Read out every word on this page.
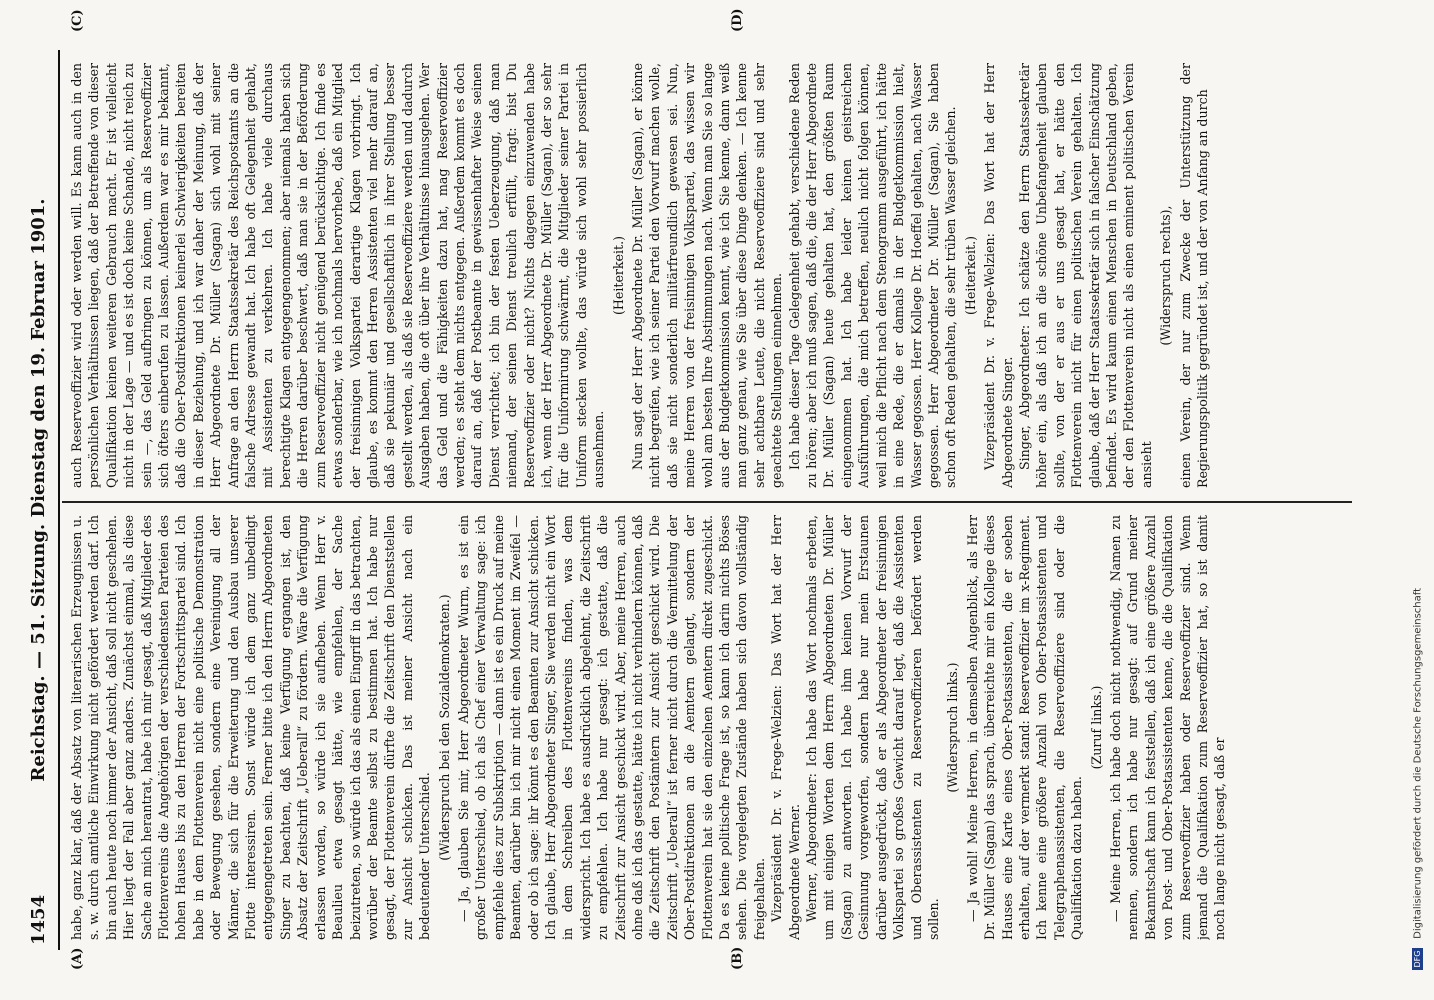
1454
Reichstag. — 51. Sitzung. Dienstag den 19. Februar 1901.
(A)	(B)
(C)	(D)

habe, ganz klar, daß der Absatz von literarischen Erzeugnissen u. s. w. durch amtliche Einwirkung nicht gefördert werden darf. Ich bin auch heute noch immer der Ansicht, daß soll nicht geschehen. Hier liegt der Fall aber ganz anders. Zunächst einmal, als diese Sache an mich herantrat, habe ich mir gesagt, daß Mitglieder des Flottenvereins die Angehörigen der verschiedensten Parteien des hohen Hauses bis zu den Herren der Fortschrittspartei sind. Ich habe in dem Flottenverein nicht eine politische Demonstration oder Bewegung gesehen, sondern eine Vereinigung all der Männer, die sich für die Erweiterung und den Ausbau unserer Flotte interessiren. Sonst würde ich dem ganz unbedingt entgegengetreten sein. Ferner bitte ich den Herrn Abgeordneten Singer zu beachten, daß keine Verfügung ergangen ist, den Absatz der Zeitschrift „Ueberall“ zu fördern. Wäre die Verfügung erlassen worden, so würde ich sie aufheben. Wenn Herr v. Beaulieu etwa gesagt hätte, wie empfehlen, der Sache beizutreten, so würde ich das als einen Eingriff in das betrachten, worüber der Beamte selbst zu bestimmen hat. Ich habe nur gesagt, der Flottenverein dürfte die Zeitschrift den Dienststellen zur Ansicht schicken. Das ist meiner Ansicht nach ein bedeutender Unterschied. (Widerspruch bei den Sozialdemokraten.) — Ja, glauben Sie mir, Herr Abgeordneter Wurm, es ist ein großer Unterschied, ob ich als Chef einer Verwaltung sage: ich empfehle dies zur Subskription — dann ist es ein Druck auf meine Beamten, darüber bin ich mir nicht einen Moment im Zweifel — oder ob ich sage: ihr könnt es den Beamten zur Ansicht schicken. Ich glaube, Herr Abgeordneter Singer, Sie werden nicht ein Wort in dem Schreiben des Flottenvereins finden, was dem widerspricht. Ich habe es ausdrücklich abgelehnt, die Zeitschrift zu empfehlen. Ich habe nur gesagt: ich gestatte, daß die Zeitschrift zur Ansicht geschickt wird. Aber, meine Herren, auch ohne daß ich das gestatte, hätte ich nicht verhindern können, daß die Zeitschrift den Postämtern zur Ansicht geschickt wird. Die Zeitschrift „Ueberall“ ist ferner nicht durch die Vermittelung der Ober-Postdirektionen an die Aemtern gelangt, sondern der Flottenverein hat sie den einzelnen Aemtern direkt zugeschickt. Da es keine politische Frage ist, so kann ich darin nichts Böses sehen. Die vorgelegten Zustände haben sich davon vollständig freigehalten. Vizepräsident Dr. v. Frege-Welzien: Das Wort hat der Herr Abgeordnete Werner. Werner, Abgeordneter: Ich habe das Wort nochmals erbeten, um mit einigen Worten dem Herrn Abgeordneten Dr. Müller (Sagan) zu antworten. Ich habe ihm keinen Vorwurf der Gesinnung vorgeworfen, sondern habe nur mein Erstaunen darüber ausgedrückt, daß er als Abgeordneter der freisinnigen Volkspartei so großes Gewicht darauf legt, daß die Assistenten und Oberassistenten zu Reserveoffizieren befördert werden sollen.

(Widerspruch links.) — Ja wohl! Meine Herren, in demselben Augenblick, als Herr Dr. Müller (Sagan) das sprach, überreichte mir ein Kollege dieses Hauses eine Karte eines Ober-Postassistenten, die er soeben erhalten, auf der vermerkt stand: Reserveoffizier im x-Regiment. Ich kenne eine größere Anzahl von Ober-Postassistenten und Telegraphenassistenten, die Reserveoffiziere sind oder die Qualifikation dazu haben.

(Zuruf links.) — Meine Herren, ich habe doch nicht nothwendig, Namen zu nennen, sondern ich habe nur gesagt: auf Grund meiner Bekanntschaft kann ich feststellen, daß ich eine größere Anzahl von Post- und Ober-Postassistenten kenne, die die Qualifikation zum Reserveoffizier haben oder Reserveoffizier sind. Wenn jemand die Qualifikation zum Reserveoffizier hat, so ist damit noch lange nicht gesagt, daß er

auch Reserveoffizier wird oder werden will. Es kann auch in den persönlichen Verhältnissen liegen, daß der Betreffende von dieser Qualifikation keinen weiteren Gebrauch macht. Er ist vielleicht nicht in der Lage — und es ist doch keine Schande, nicht reich zu sein —, das Geld aufbringen zu können, um als Reserveoffizier sich öfters einberufen zu lassen. Außerdem war es mir bekannt, daß die Ober-Postdirektionen keinerlei Schwierigkeiten bereiten in dieser Beziehung, und ich war daher der Meinung, daß der Herr Abgeordnete Dr. Müller (Sagan) sich wohl mit seiner Anfrage an den Herrn Staatssekretär des Reichspostamts an die falsche Adresse gewandt hat. Ich habe oft Gelegenheit gehabt, mit Assistenten zu verkehren. Ich habe viele durchaus berechtigte Klagen entgegengenommen; aber niemals haben sich die Herren darüber beschwert, daß man sie in der Beförderung zum Reserveoffizier nicht genügend berücksichtige. Ich finde es etwas sonderbar, wie ich nochmals hervorhebe, daß ein Mitglied der freisinnigen Volkspartei derartige Klagen vorbringt. Ich glaube, es kommt den Herren Assistenten viel mehr darauf an, daß sie pekuniär und gesellschaftlich in ihrer Stellung besser gestellt werden, als daß sie Reserveoffiziere werden und dadurch Ausgaben haben, die oft über ihre Verhältnisse hinausgehen. Wer das Geld und die Fähigkeiten dazu hat, mag Reserveoffizier werden; es steht dem nichts entgegen. Außerdem kommt es doch darauf an, daß der Postbeamte in gewissenhafter Weise seinen Dienst verrichtet; ich bin der festen Ueberzeugung, daß man niemand, der seinen Dienst treulich erfüllt, fragt: bist Du Reserveoffizier oder nicht? Nichts dagegen einzuwenden habe ich, wenn der Herr Abgeordnete Dr. Müller (Sagan), der so sehr für die Uniformirung schwärmt, die Mitglieder seiner Partei in Uniform stecken wollte, das würde sich wohl sehr possierlich ausnehmen.

(Heiterkeit.) Nun sagt der Herr Abgeordnete Dr. Müller (Sagan), er könne nicht begreifen, wie ich seiner Partei den Vorwurf machen wolle, daß sie nicht sonderlich militärfreundlich gewesen sei. Nun, meine Herren von der freisinnigen Volkspartei, das wissen wir wohl am besten Ihre Abstimmungen nach. Wenn man Sie so lange aus der Budgetkommission kennt, wie ich Sie kenne, dann weiß man ganz genau, wie Sie über diese Dinge denken. — Ich kenne sehr achtbare Leute, die nicht Reserveoffiziere sind und sehr geachtete Stellungen einnehmen. Ich habe dieser Tage Gelegenheit gehabt, verschiedene Reden zu hören; aber ich muß sagen, daß die, die der Herr Abgeordnete Dr. Müller (Sagan) heute gehalten hat, den größten Raum eingenommen hat. Ich habe leider keinen geistreichen Ausführungen, die mich betreffen, neulich nicht folgen können, weil mich die Pflicht nach dem Stenogramm ausgeführt, ich hätte in eine Rede, die er damals in der Budgetkommission hielt, Wasser gegossen. Herr Kollege Dr. Hoeffel gehalten, nach Wasser gegossen. Herr Abgeordneter Dr. Müller (Sagan), Sie haben schon oft Reden gehalten, die sehr trüben Wasser gleichen. (Heiterkeit.) Vizepräsident Dr. v. Frege-Welzien: Das Wort hat der Herr Abgeordnete Singer. Singer, Abgeordneter: Ich schätze den Herrn Staatssekretär höher ein, als daß ich an die schöne Unbefangenheit glauben sollte, von der er aus er uns gesagt hat, er hätte den Flottenverein nicht für einen politischen Verein gehalten. Ich glaube, daß der Herr Staatssekretär sich in falscher Einschätzung befindet. Es wird kaum einen Menschen in Deutschland geben, der den Flottenverein nicht als einen eminent politischen Verein ansieht

(Widerspruch rechts), einen Verein, der nur zum Zwecke der Unterstützung der Regierungspolitik gegründet ist, und der von Anfang an durch

DFG Digitalisierung gefördert durch die Deutsche Forschungsgemeinschaft
